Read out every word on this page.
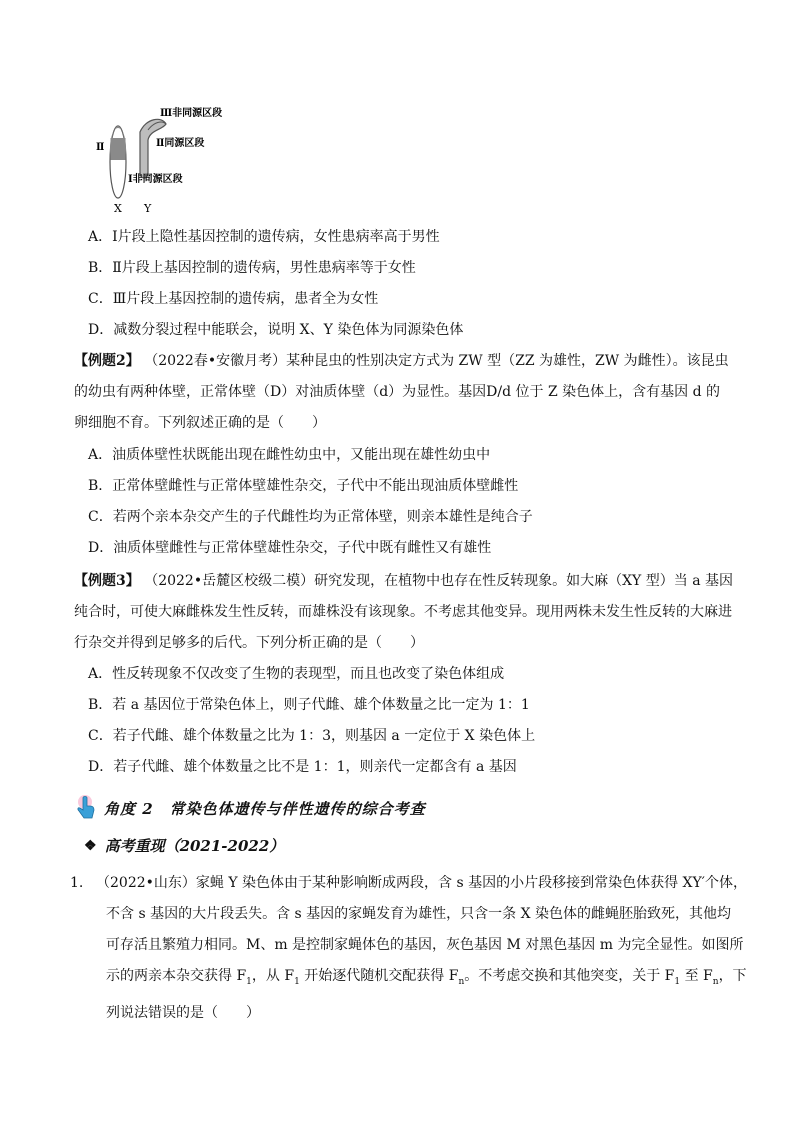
Ⅲ非同源区段
Ⅱ同源区段
Ⅰ非同源区段
Ⅱ
X Y
A．Ⅰ片段上隐性基因控制的遗传病，女性患病率高于男性
B．Ⅱ片段上基因控制的遗传病，男性患病率等于女性
C．Ⅲ片段上基因控制的遗传病，患者全为女性
D．减数分裂过程中能联会，说明 X、Y 染色体为同源染色体
【例题2】 （2022春•安徽月考）某种昆虫的性别决定方式为 ZW 型（ZZ 为雄性，ZW 为雌性）。该昆虫的幼虫有两种体壁，正常体壁（D）对油质体壁（d）为显性。基因D/d 位于 Z 染色体上，含有基因 d 的卵细胞不育。下列叙述正确的是（　　）
A．油质体壁性状既能出现在雌性幼虫中，又能出现在雄性幼虫中
B．正常体壁雌性与正常体壁雄性杂交，子代中不能出现油质体壁雌性
C．若两个亲本杂交产生的子代雌性均为正常体壁，则亲本雄性是纯合子
D．油质体壁雌性与正常体壁雄性杂交，子代中既有雌性又有雄性
【例题3】 （2022•岳麓区校级二模）研究发现，在植物中也存在性反转现象。如大麻（XY 型）当 a 基因纯合时，可使大麻雌株发生性反转，而雄株没有该现象。不考虑其他变异。现用两株未发生性反转的大麻进行杂交并得到足够多的后代。下列分析正确的是（　　）
A．性反转现象不仅改变了生物的表现型，而且也改变了染色体组成
B．若 a 基因位于常染色体上，则子代雌、雄个体数量之比一定为 1：1
C．若子代雌、雄个体数量之比为 1：3，则基因 a 一定位于 X 染色体上
D．若子代雌、雄个体数量之比不是 1：1，则亲代一定都含有 a 基因
角度 2　常染色体遗传与伴性遗传的综合考查
❖ 高考重现（2021-2022）
1. （2022•山东）家蝇 Y 染色体由于某种影响断成两段，含 s 基因的小片段移接到常染色体获得 XY′个体，

不含 s 基因的大片段丢失。含 s 基因的家蝇发育为雄性，只含一条 X 染色体的雌蝇胚胎致死，其他均

可存活且繁殖力相同。M、m 是控制家蝇体色的基因，灰色基因 M 对黑色基因 m 为完全显性。如图所

示的两亲本杂交获得 $F_1$，从 $F_1$ 开始逐代随机交配获得 $F_n$。不考虑交换和其他突变，关于 $F_1$ 至 $F_n$，下

列说法错误的是（　　）
